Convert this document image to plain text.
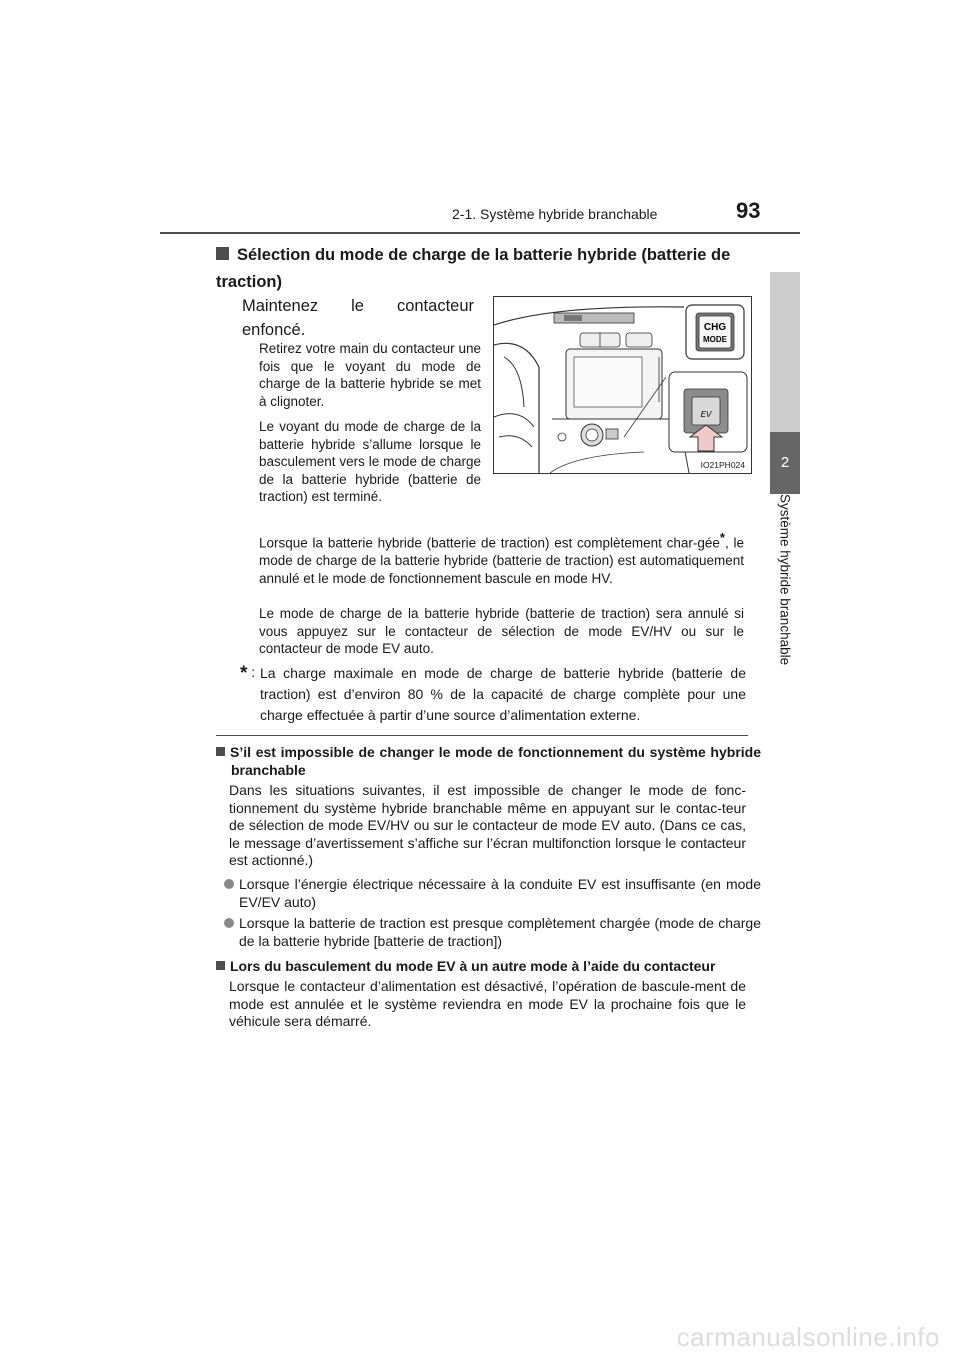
2-1. Système hybride branchable	93
2
Système hybride branchable
Sélection du mode de charge de la batterie hybride (batterie de traction)
Maintenez le contacteur
enfoncé.
Retirez votre main du contacteur une fois que le voyant du mode de charge de la batterie hybride se met à clignoter.
Le voyant du mode de charge de la batterie hybride s’allume lorsque le basculement vers le mode de charge de la batterie hybride (batterie de traction) est terminé.
Lorsque la batterie hybride (batterie de traction) est complètement char-gée*, le mode de charge de la batterie hybride (batterie de traction) est automatiquement annulé et le mode de fonctionnement bascule en mode HV.
Le mode de charge de la batterie hybride (batterie de traction) sera annulé si vous appuyez sur le contacteur de sélection de mode EV/HV ou sur le contacteur de mode EV auto.
* : La charge maximale en mode de charge de batterie hybride (batterie de traction) est d’environ 80 % de la capacité de charge complète pour une charge effectuée à partir d’une source d’alimentation externe.
EV
CHG
MODE
IO21PH024
S’il est impossible de changer le mode de fonctionnement du système hybride branchable
Dans les situations suivantes, il est impossible de changer le mode de fonc-tionnement du système hybride branchable même en appuyant sur le contac-teur de sélection de mode EV/HV ou sur le contacteur de mode EV auto. (Dans ce cas, le message d’avertissement s’affiche sur l’écran multifonction lorsque le contacteur est actionné.)
Lorsque l’énergie électrique nécessaire à la conduite EV est insuffisante (en mode EV/EV auto)
Lorsque la batterie de traction est presque complètement chargée (mode de charge de la batterie hybride [batterie de traction])
Lors du basculement du mode EV à un autre mode à l’aide du contacteur
Lorsque le contacteur d’alimentation est désactivé, l’opération de bascule-ment de mode est annulée et le système reviendra en mode EV la prochaine fois que le véhicule sera démarré.
carmanualsonline.info
